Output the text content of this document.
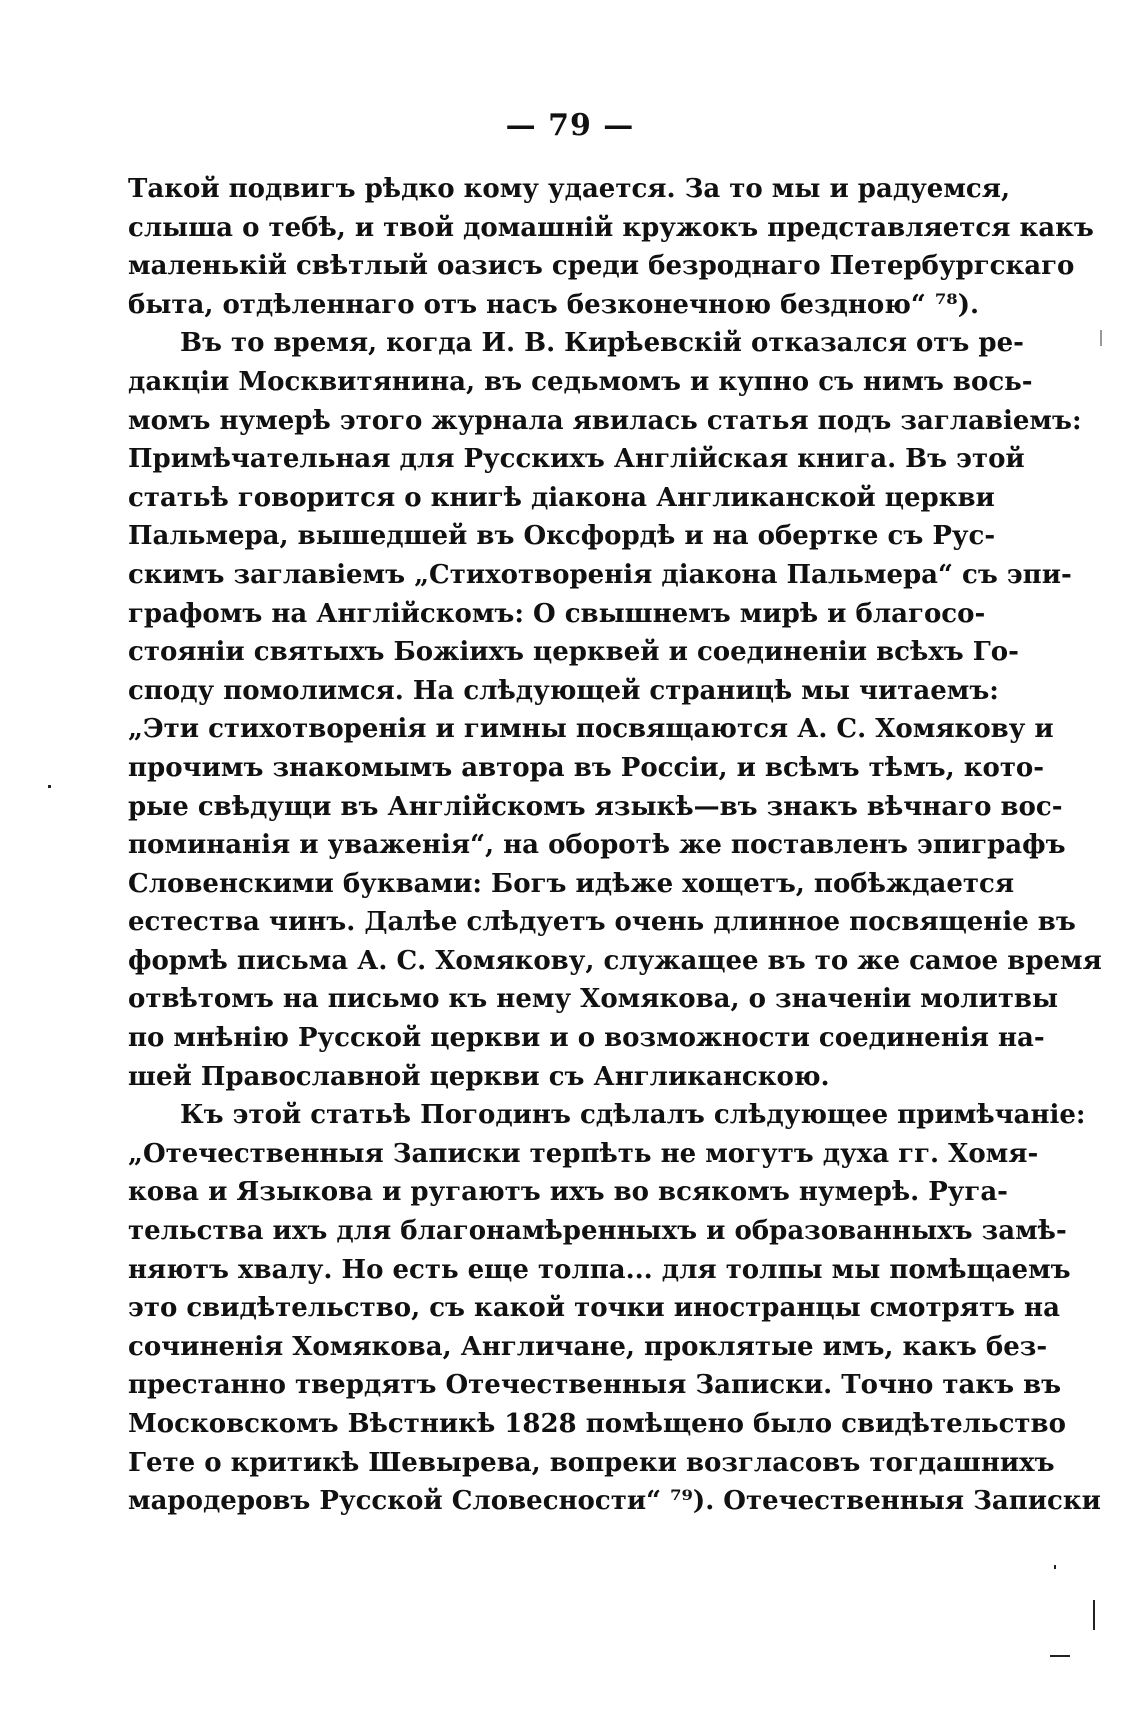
— 79 —
Такой подвигъ рѣдко кому удается. За то мы и радуемся,
слыша о тебѣ, и твой домашній кружокъ представляется какъ
маленькій свѣтлый оазисъ среди безроднаго Петербургскаго
быта, отдѣленнаго отъ насъ безконечною бездною“ ⁷⁸).
Въ то время, когда И. В. Кирѣевскій отказался отъ ре-
дакціи Москвитянина, въ седьмомъ и купно съ нимъ вось-
момъ нумерѣ этого журнала явилась статья подъ заглавіемъ:
Примѣчательная для Русскихъ Англійская книга. Въ этой
статьѣ говорится о книгѣ діакона Англиканской церкви
Пальмера, вышедшей въ Оксфордѣ и на обертке съ Рус-
скимъ заглавіемъ „Стихотворенія діакона Пальмера“ съ эпи-
графомъ на Англійскомъ: О свышнемъ мирѣ и благосо-
стояніи святыхъ Божіихъ церквей и соединеніи всѣхъ Го-
споду помолимся. На слѣдующей страницѣ мы читаемъ:
„Эти стихотворенія и гимны посвящаются А. С. Хомякову и
прочимъ знакомымъ автора въ Россіи, и всѣмъ тѣмъ, кото-
рые свѣдущи въ Англійскомъ языкѣ—въ знакъ вѣчнаго вос-
поминанія и уваженія“, на оборотѣ же поставленъ эпиграфъ
Словенскими буквами: Богъ идѣже хощетъ, побѣждается
естества чинъ. Далѣе слѣдуетъ очень длинное посвященіе въ
формѣ письма А. С. Хомякову, служащее въ то же самое время
отвѣтомъ на письмо къ нему Хомякова, о значеніи молитвы
по мнѣнію Русской церкви и о возможности соединенія на-
шей Православной церкви съ Англиканскою.
Къ этой статьѣ Погодинъ сдѣлалъ слѣдующее примѣчаніе:
„Отечественныя Записки терпѣть не могутъ духа гг. Хомя-
кова и Языкова и ругаютъ ихъ во всякомъ нумерѣ. Руга-
тельства ихъ для благонамѣренныхъ и образованныхъ замѣ-
няютъ хвалу. Но есть еще толпа... для толпы мы помѣщаемъ
это свидѣтельство, съ какой точки иностранцы смотрятъ на
сочиненія Хомякова, Англичане, проклятые имъ, какъ без-
престанно твердятъ Отечественныя Записки. Точно такъ въ
Московскомъ Вѣстникѣ 1828 помѣщено было свидѣтельство
Гете о критикѣ Шевырева, вопреки возгласовъ тогдашнихъ
мародеровъ Русской Словесности“ ⁷⁹). Отечественныя Записки
